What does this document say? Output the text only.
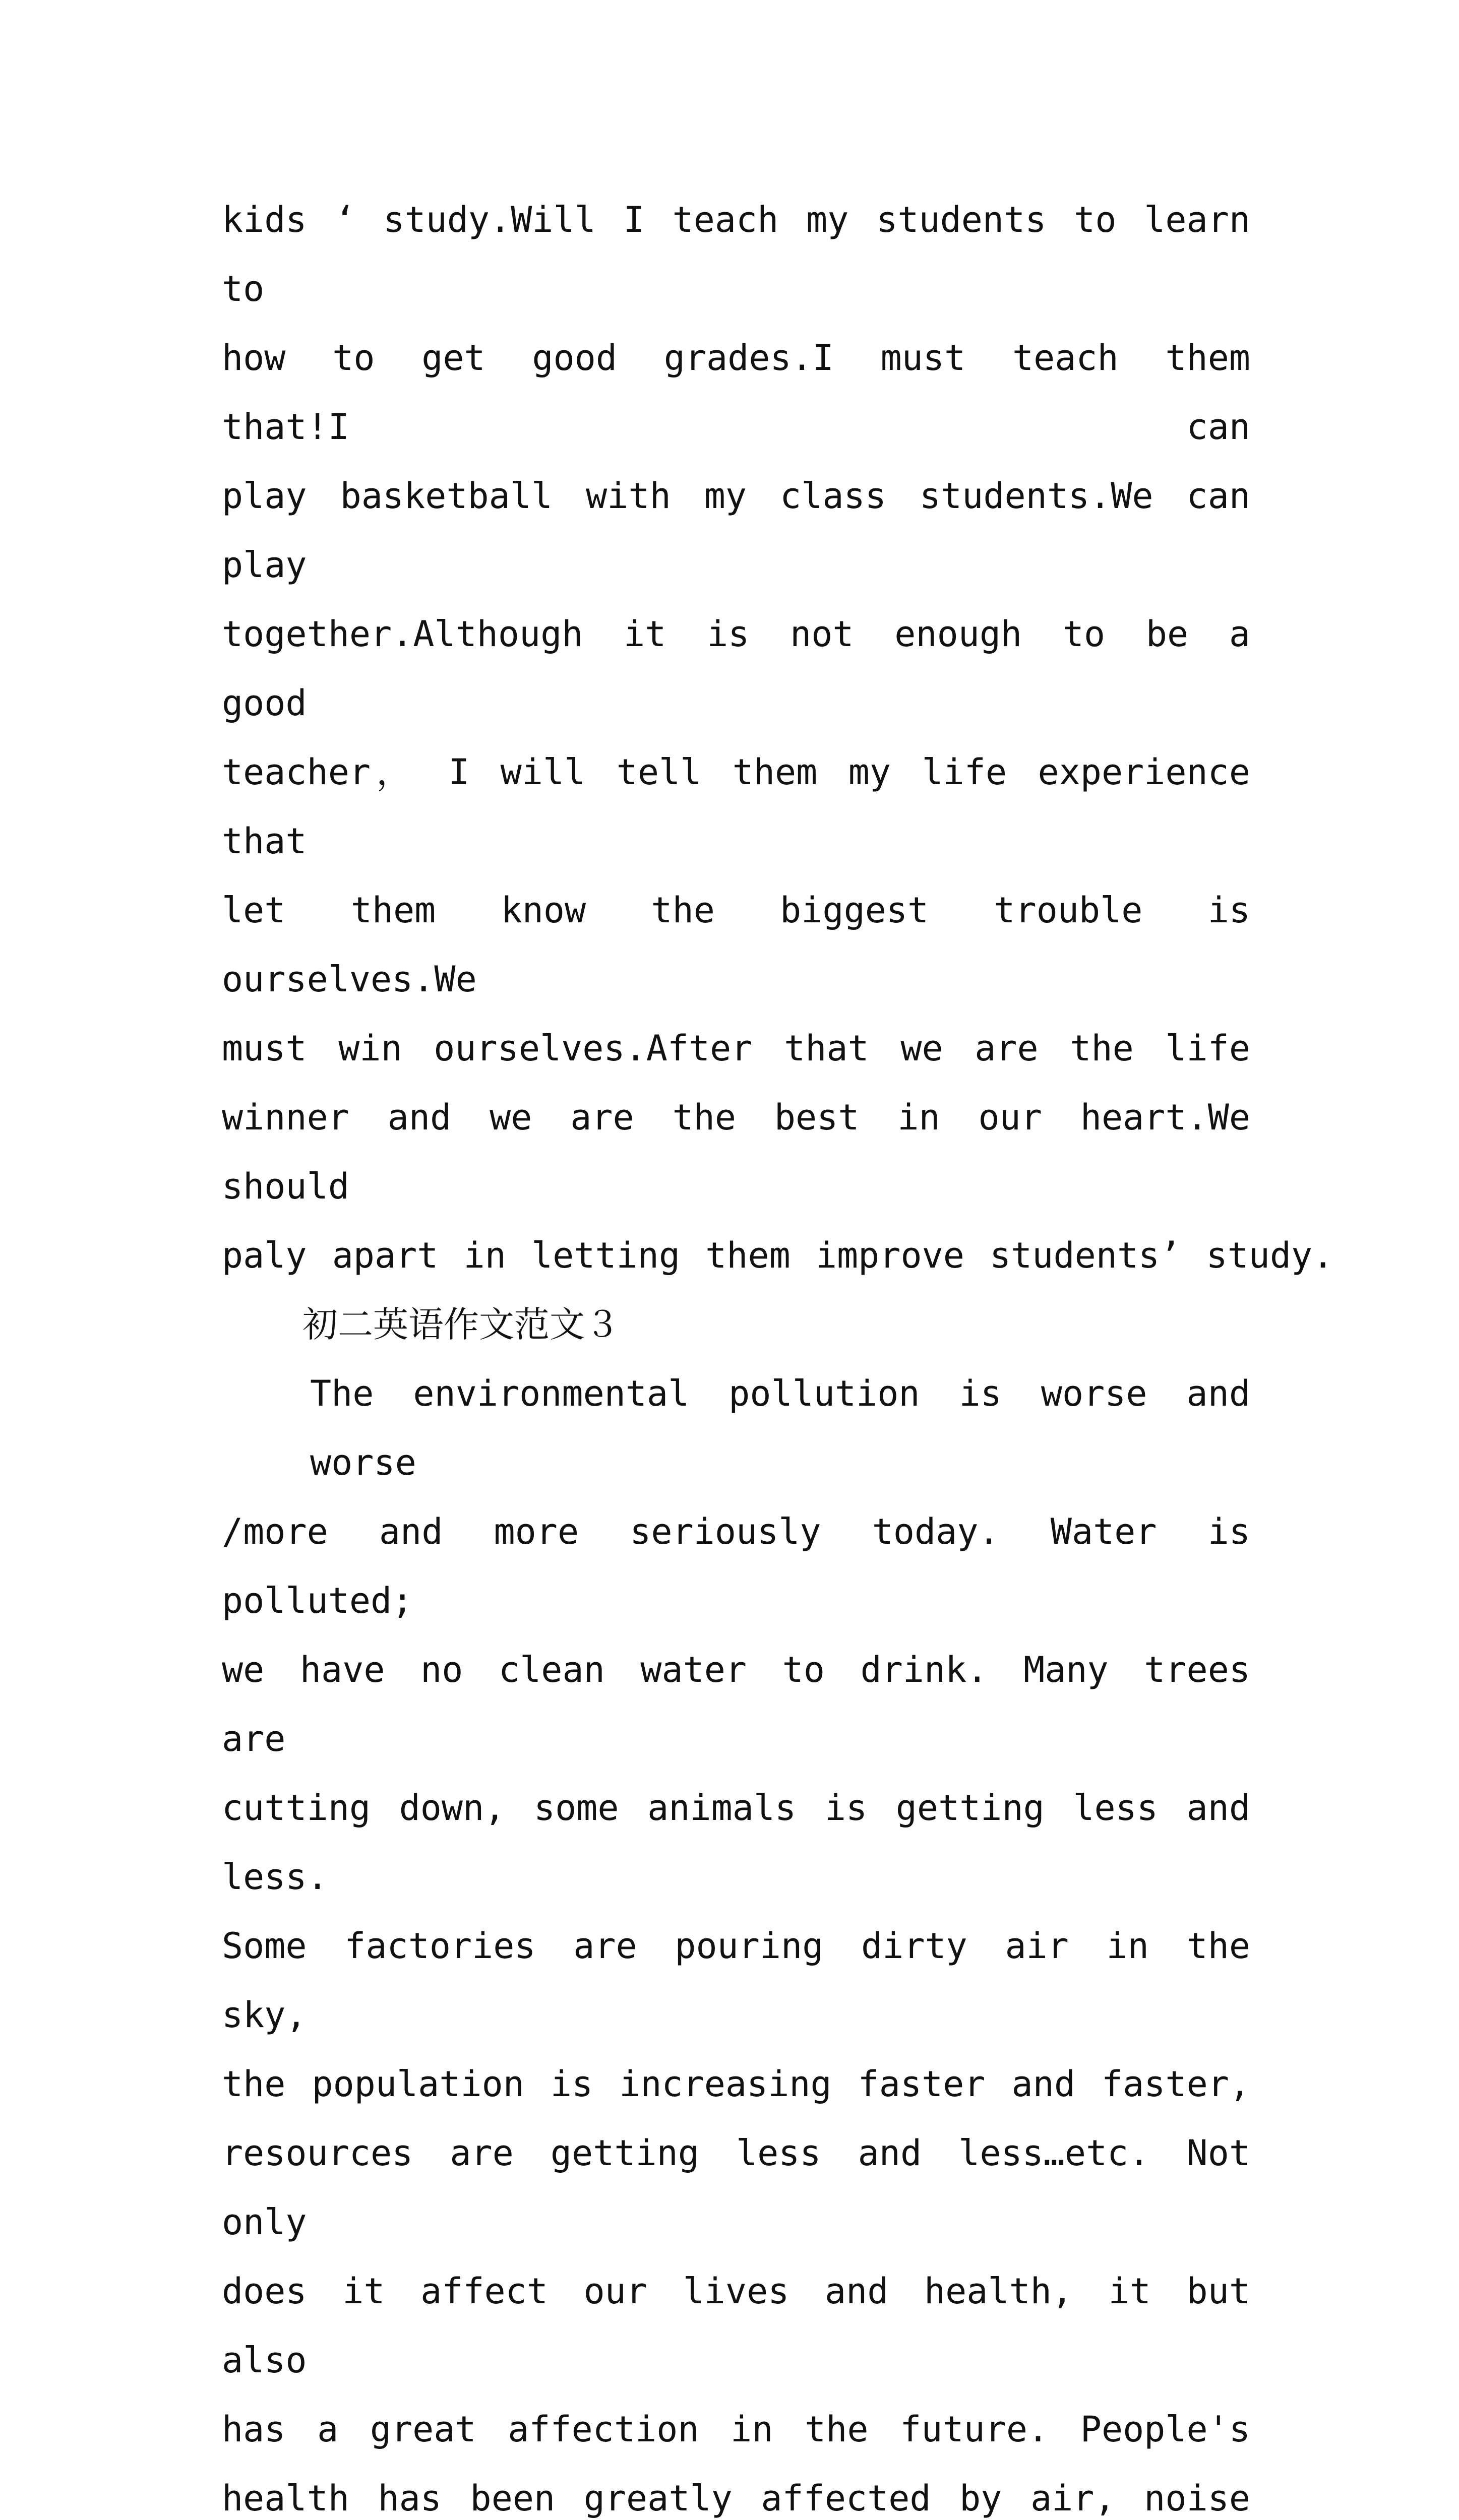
kids ‘ study.Will I teach my students to learn to
how to get good grades.I must teach them that!I can
play basketball with my class students.We can play
together.Although it is not enough to be a good
teacher， I will tell them my life experience that
let them know the biggest trouble is ourselves.We
must win ourselves.After that we are the life
winner and we are the best in our heart.We should
paly apart in letting them improve students’ study.
初二英语作文范文３
The environmental pollution is worse and worse
/more and more seriously today. Water is polluted;
we have no clean water to drink. Many trees are
cutting down, some animals is getting less and less.
Some factories are pouring dirty air in the sky,
the population is increasing faster and faster,
resources are getting less and less…etc. Not only
does it affect our lives and health, it but also
has a great affection in the future. People's
health has been greatly affected by air, noise
